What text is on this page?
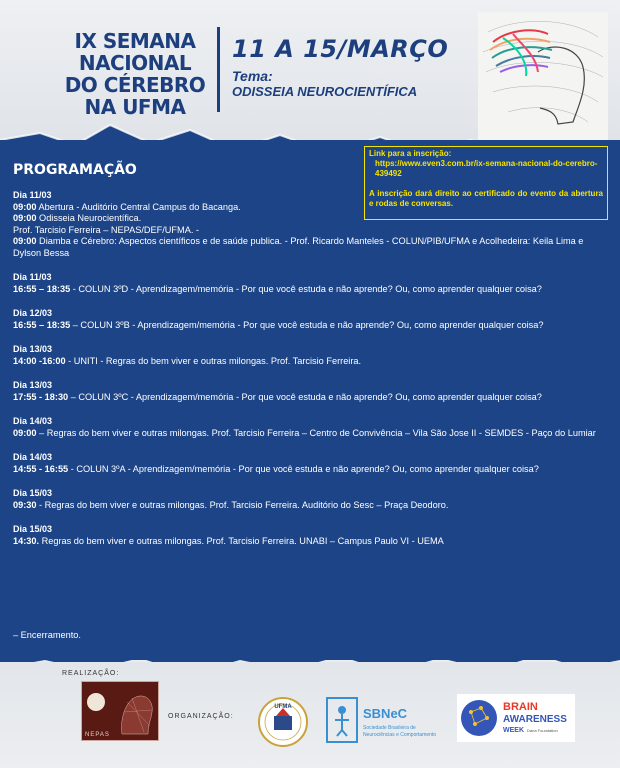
IX SEMANA
NACIONAL
DO CÉREBRO
NA UFMA
11 A 15/MARÇO
Tema:
ODISSEIA NEUROCIENTÍFICA
PROGRAMAÇÃO
Link para a inscrição:
https://www.even3.com.br/ix-semana-nacional-do-cerebro-439492
A inscrição dará direito ao certificado do evento da abertura e rodas de conversas.
Dia 11/03
09:00 Abertura - Auditório Central Campus do Bacanga.
09:00 Odisseia Neurocientífica.
Prof. Tarcisio Ferreira – NEPAS/DEF/UFMA. -
09:00 Diamba e Cérebro: Aspectos científicos e de saúde publica. - Prof. Ricardo Manteles - COLUN/PIB/UFMA e Acolhedeira: Keila Lima e Dylson Bessa
Dia 11/03
16:55 – 18:35 - COLUN 3ºD - Aprendizagem/memória - Por que você estuda e não aprende? Ou, como aprender qualquer coisa?
Dia 12/03
16:55 – 18:35 – COLUN 3ºB - Aprendizagem/memória - Por que você estuda e não aprende? Ou, como aprender qualquer coisa?
Dia 13/03
14:00 -16:00 - UNITI - Regras do bem viver e outras milongas. Prof. Tarcisio Ferreira.
Dia 13/03
17:55 - 18:30 – COLUN 3ºC - Aprendizagem/memória - Por que você estuda e não aprende? Ou, como aprender qualquer coisa?
Dia 14/03
09:00 – Regras do bem viver e outras milongas. Prof. Tarcisio Ferreira – Centro de Convivência – Vila São Jose II - SEMDES - Paço do Lumiar
Dia 14/03
14:55 - 16:55 - COLUN 3ºA - Aprendizagem/memória - Por que você estuda e não aprende? Ou, como aprender qualquer coisa?
Dia 15/03
09:30 - Regras do bem viver e outras milongas. Prof. Tarcisio Ferreira. Auditório do Sesc – Praça Deodoro.
Dia 15/03
14:30. Regras do bem viver e outras milongas. Prof. Tarcisio Ferreira. UNABI – Campus Paulo VI - UEMA
– Encerramento.
REALIZAÇÃO:
NEPAS
ORGANIZAÇÃO:
UFMA	SBNeC
Sociedade Brasileira de
Neurociências e Comportamento
BRAIN
AWARENESS
WEEK Dana Foundation
